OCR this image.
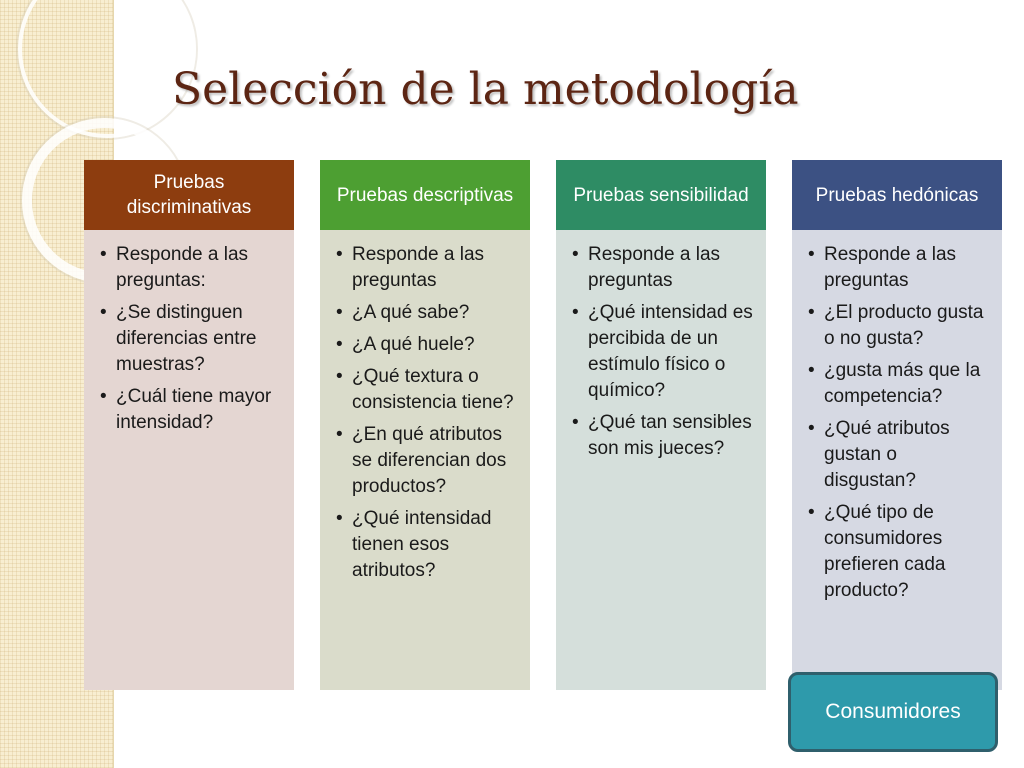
Selección de la metodología
Pruebas discriminativas
• Responde a las preguntas:
• ¿Se distinguen diferencias entre muestras?
• ¿Cuál tiene mayor intensidad?
Pruebas descriptivas
• Responde a las preguntas
• ¿A qué sabe?
• ¿A qué huele?
• ¿Qué textura o consistencia tiene?
• ¿En qué atributos se diferencian dos productos?
• ¿Qué intensidad tienen esos atributos?
Pruebas sensibilidad
• Responde a las preguntas
• ¿Qué intensidad es percibida de un estímulo físico o químico?
• ¿Qué tan sensibles son mis jueces?
Pruebas hedónicas
• Responde a las preguntas
• ¿El producto gusta o no gusta?
• ¿gusta más que la competencia?
• ¿Qué atributos gustan o disgustan?
• ¿Qué tipo de consumidores prefieren cada producto?
Consumidores
